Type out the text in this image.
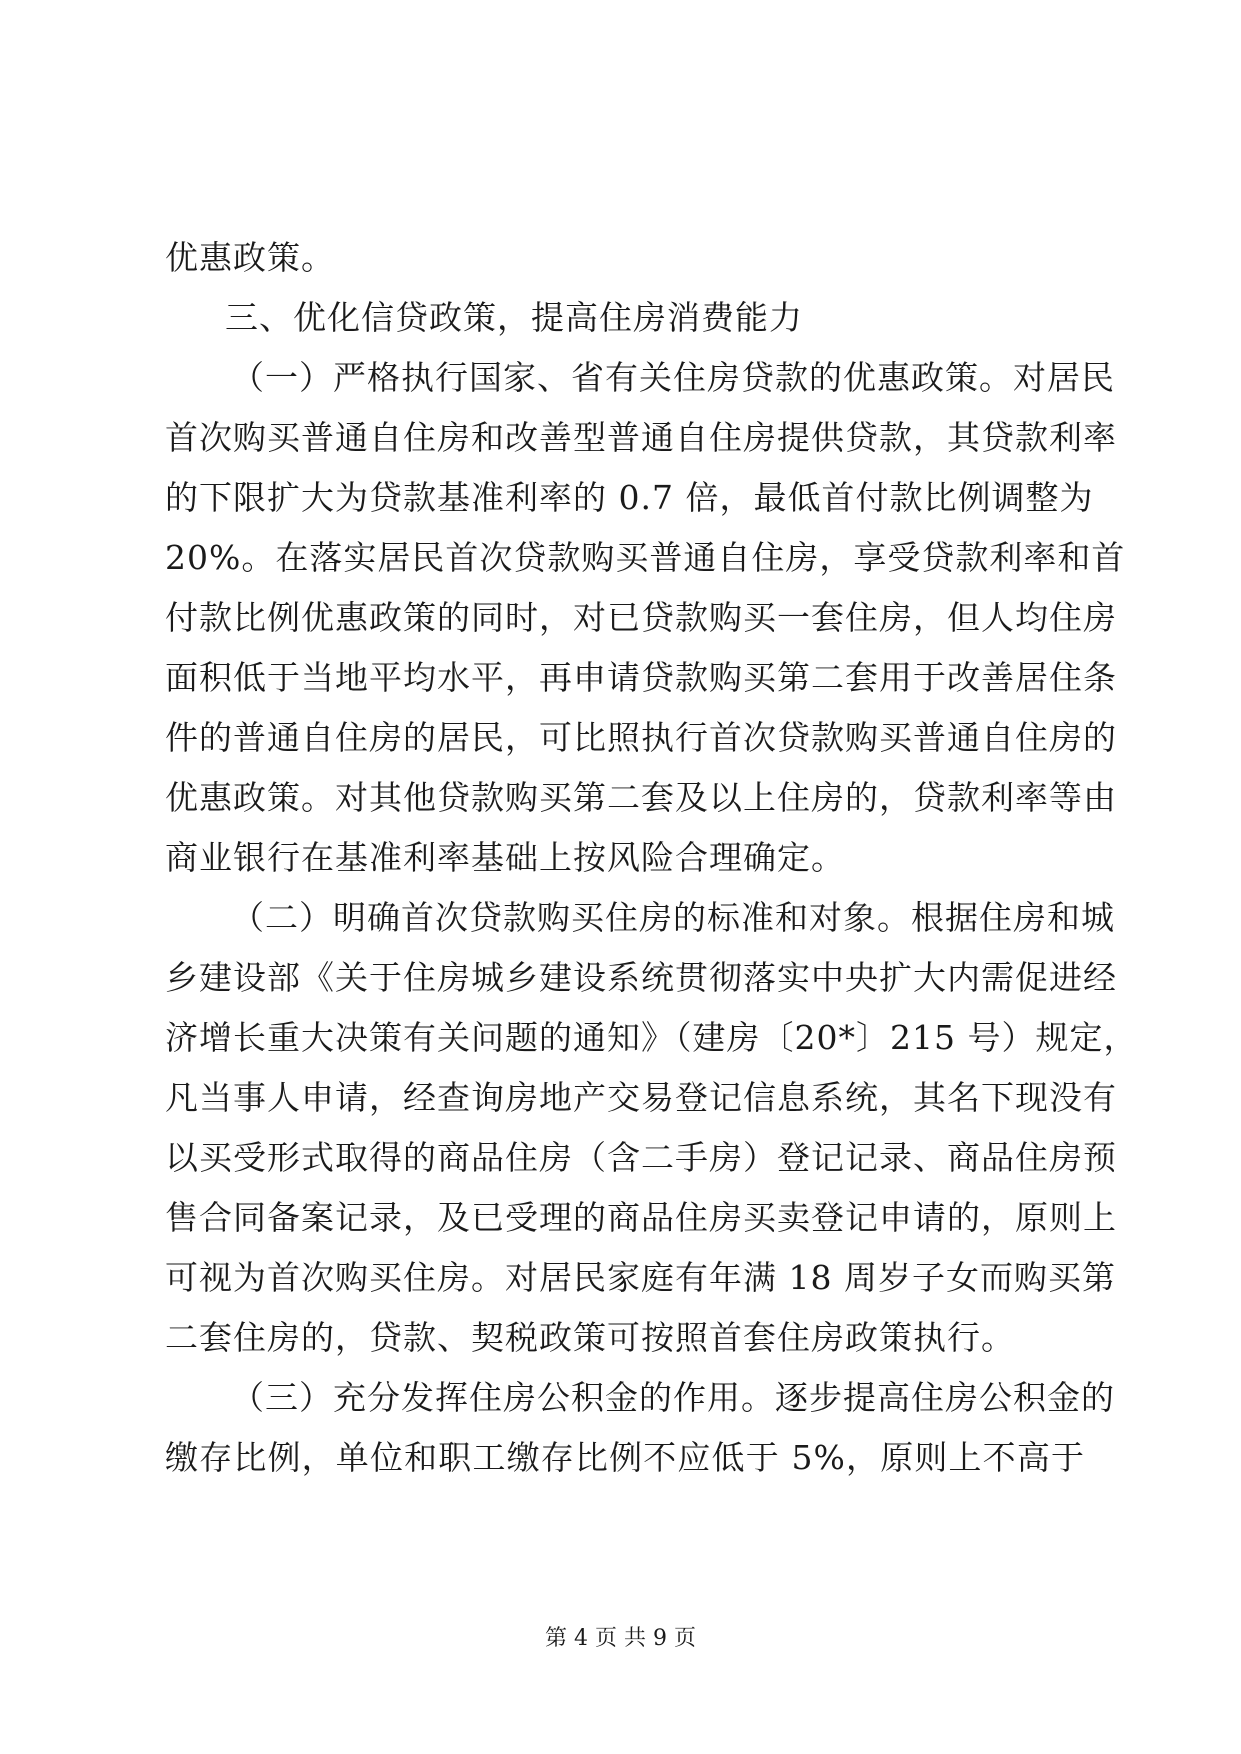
优惠政策。
三、优化信贷政策，提高住房消费能力
（一）严格执行国家、省有关住房贷款的优惠政策。对居民
首次购买普通自住房和改善型普通自住房提供贷款，其贷款利率
的下限扩大为贷款基准利率的 0.7 倍，最低首付款比例调整为
20%。在落实居民首次贷款购买普通自住房，享受贷款利率和首
付款比例优惠政策的同时，对已贷款购买一套住房，但人均住房
面积低于当地平均水平，再申请贷款购买第二套用于改善居住条
件的普通自住房的居民，可比照执行首次贷款购买普通自住房的
优惠政策。对其他贷款购买第二套及以上住房的，贷款利率等由
商业银行在基准利率基础上按风险合理确定。
（二）明确首次贷款购买住房的标准和对象。根据住房和城
乡建设部《关于住房城乡建设系统贯彻落实中央扩大内需促进经
济增长重大决策有关问题的通知》（建房〔20*〕215 号）规定，
凡当事人申请，经查询房地产交易登记信息系统，其名下现没有
以买受形式取得的商品住房（含二手房）登记记录、商品住房预
售合同备案记录，及已受理的商品住房买卖登记申请的，原则上
可视为首次购买住房。对居民家庭有年满 18 周岁子女而购买第
二套住房的，贷款、契税政策可按照首套住房政策执行。
（三）充分发挥住房公积金的作用。逐步提高住房公积金的
缴存比例，单位和职工缴存比例不应低于 5%，原则上不高于
第 4 页 共 9 页
